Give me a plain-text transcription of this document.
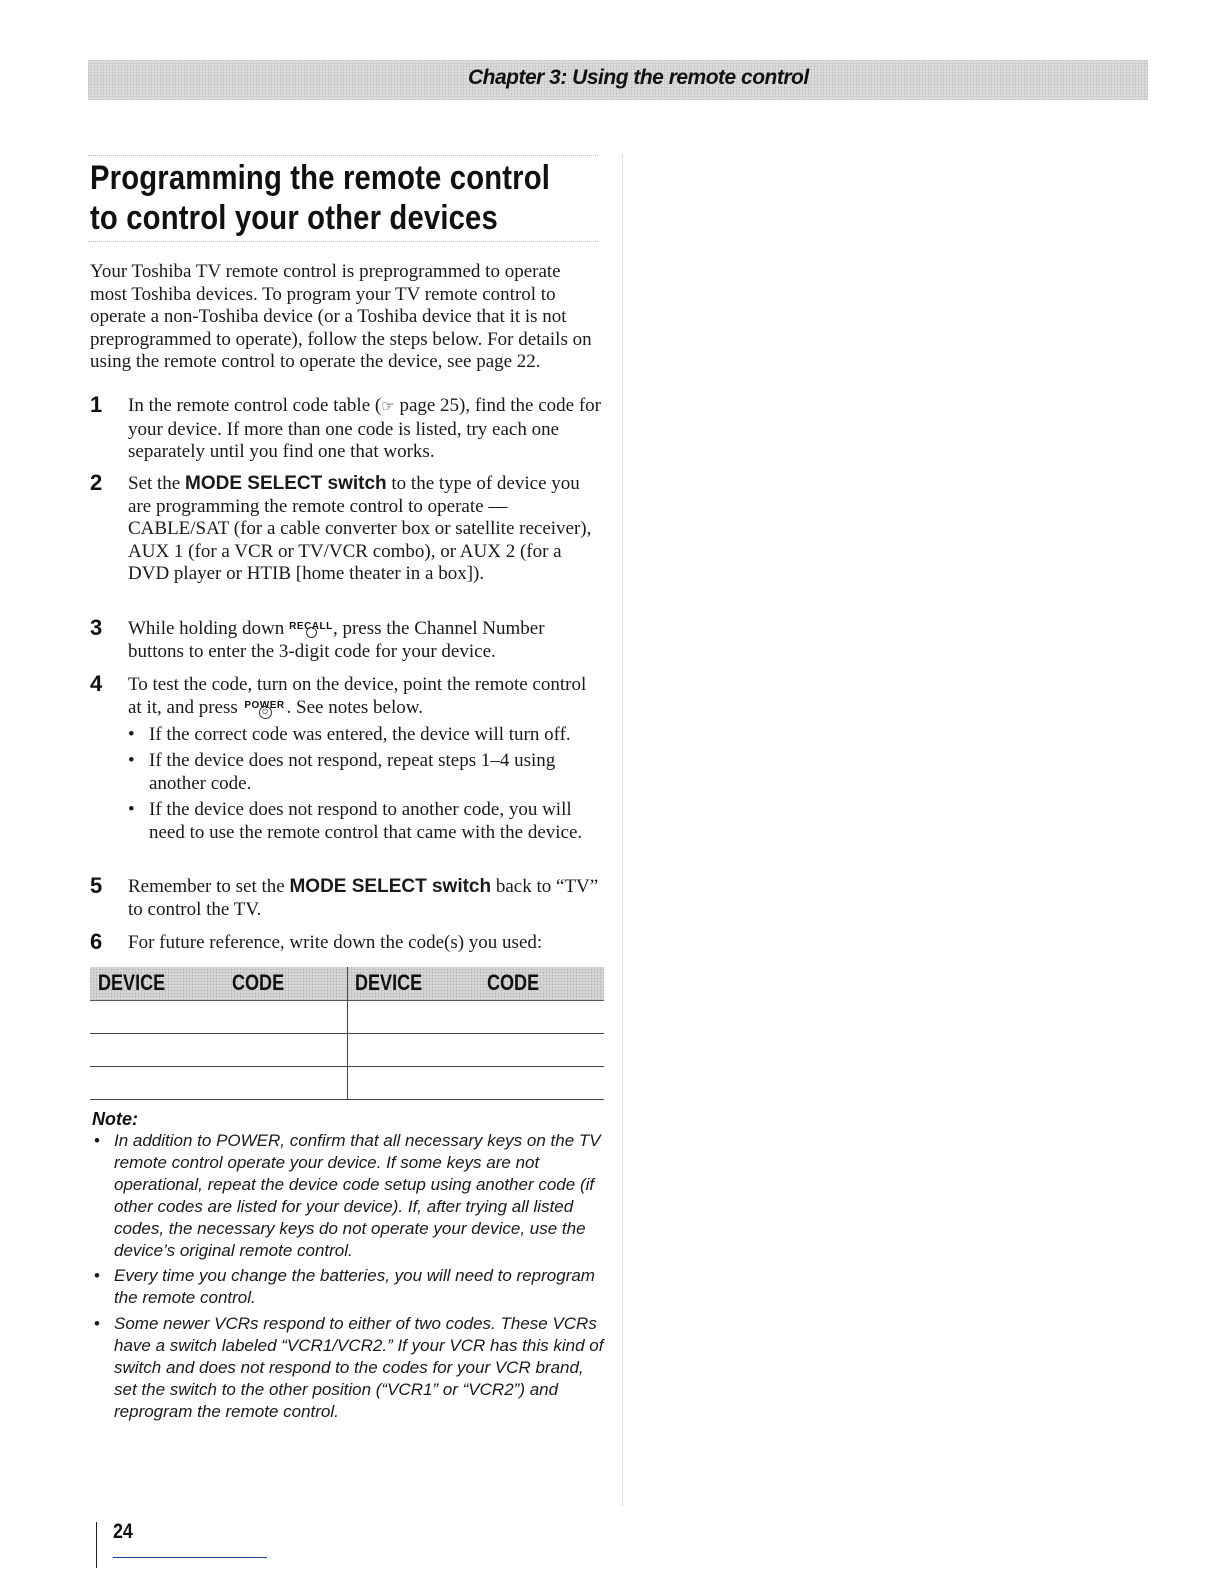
Chapter 3: Using the remote control
Programming the remote control
to control your other devices

Your Toshiba TV remote control is preprogrammed to operate most Toshiba devices. To program your TV remote control to operate a non-Toshiba device (or a Toshiba device that it is not preprogrammed to operate), follow the steps below. For details on using the remote control to operate the device, see page 22.

1 In the remote control code table (☞ page 25), find the code for your device. If more than one code is listed, try each one separately until you find one that works.

2 Set the MODE SELECT switch to the type of device you are programming the remote control to operate — CABLE/SAT (for a cable converter box or satellite receiver), AUX 1 (for a VCR or TV/VCR combo), or AUX 2 (for a DVD player or HTIB [home theater in a box]).

3 While holding down RECALL , press the Channel Number buttons to enter the 3-digit code for your device.

4 To test the code, turn on the device, point the remote control at it, and press POWER
⏻ . See notes below.

• If the correct code was entered, the device will turn off.

• If the device does not respond, repeat steps 1–4 using another code.

• If the device does not respond to another code, you will need to use the remote control that came with the device.

5 Remember to set the MODE SELECT switch back to “TV” to control the TV.

6 For future reference, write down the code(s) you used:

DEVICE	CODE	DEVICE	CODE

Note:

• In addition to POWER, confirm that all necessary keys on the TV remote control operate your device. If some keys are not operational, repeat the device code setup using another code (if other codes are listed for your device). If, after trying all listed codes, the necessary keys do not operate your device, use the device’s original remote control.

• Every time you change the batteries, you will need to reprogram the remote control.

• Some newer VCRs respond to either of two codes. These VCRs have a switch labeled “VCR1/VCR2.” If your VCR has this kind of switch and does not respond to the codes for your VCR brand, set the switch to the other position (“VCR1” or “VCR2”) and reprogram the remote control.

24
